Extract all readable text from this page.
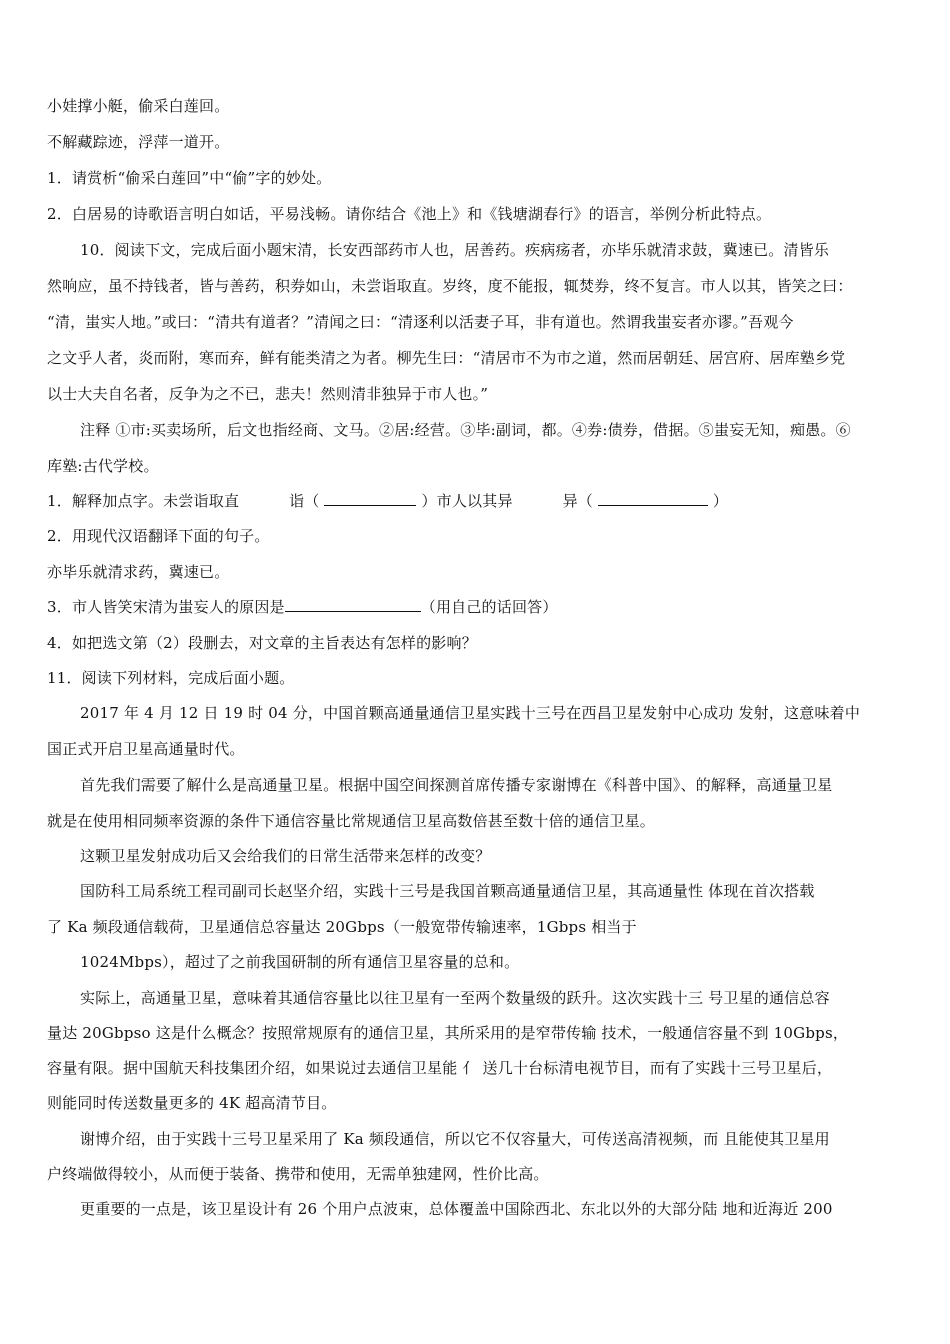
小娃撑小艇，偷采白莲回。
不解藏踪迹，浮萍一道开。
1．请赏析“偷采白莲回”中“偷”字的妙处。
2．白居易的诗歌语言明白如话，平易浅畅。请你结合《池上》和《钱塘湖春行》的语言，举例分析此特点。
10．阅读下文，完成后面小题宋清，长安西部药市人也，居善药。疾病疡者，亦毕乐就清求鼓，冀速已。清皆乐
然响应，虽不持钱者，皆与善药，积券如山，未尝诣取直。岁终，度不能报，辄焚券，终不复言。市人以其，皆笑之曰：
“清，蚩实人地。”或曰：“清共有道者？”清闻之曰：“清逐利以活妻子耳，非有道也。然谓我蚩妄者亦谬。”吾观今
之文乎人者，炎而附，寒而弃，鲜有能类清之为者。柳先生曰：“清居市不为市之道，然而居朝廷、居宫府、居库塾乡党
以士大夫自名者，反争为之不已，悲夫！然则清非独异于市人也。”
注释 ①市:买卖场所，后文也指经商、文马。②居:经营。③毕:副词，都。④券:债券，借据。⑤蚩妄无知，痴愚。⑥
库塾:古代学校。
1．解释加点字。未尝诣取直	诣（	）市人以其异	异（	）
2．用现代汉语翻译下面的句子。
亦毕乐就清求药，冀速已。
3．市人皆笑宋清为蚩妄人的原因是	（用自己的话回答）
4．如把选文第（2）段删去，对文章的主旨表达有怎样的影响？
11．阅读下列材料，完成后面小题。
2017 年 4 月 12 日 19 时 04 分，中国首颗高通量通信卫星实践十三号在西昌卫星发射中心成功 发射，这意味着中
国正式开启卫星高通量时代。
首先我们需要了解什么是高通量卫星。根据中国空间探测首席传播专家谢博在《科普中国》、的解释，高通量卫星
就是在使用相同频率资源的条件下通信容量比常规通信卫星高数倍甚至数十倍的通信卫星。
这颗卫星发射成功后又会给我们的日常生活带来怎样的改变？
国防科工局系统工程司副司长赵坚介绍，实践十三号是我国首颗高通量通信卫星，其高通量性 体现在首次搭载
了 Ka 频段通信载荷，卫星通信总容量达 20Gbps（一般宽带传输速率，1Gbps 相当于
1024Mbps），超过了之前我国研制的所有通信卫星容量的总和。
实际上，高通量卫星，意味着其通信容量比以往卫星有一至两个数量级的跃升。这次实践十三 号卫星的通信总容
量达 20Gbpso 这是什么概念？按照常规原有的通信卫星，其所采用的是窄带传输 技术，一般通信容量不到 10Gbps，
容量有限。据中国航天科技集团介绍，如果说过去通信卫星能 亻 送几十台标清电视节目，而有了实践十三号卫星后，
则能同时传送数量更多的 4K 超高清节目。
谢博介绍，由于实践十三号卫星采用了 Ka 频段通信，所以它不仅容量大，可传送高清视频，而 且能使其卫星用
户终端做得较小，从而便于装备、携带和使用，无需单独建网，性价比高。
更重要的一点是，该卫星设计有 26 个用户点波束，总体覆盖中国除西北、东北以外的大部分陆 地和近海近 200
